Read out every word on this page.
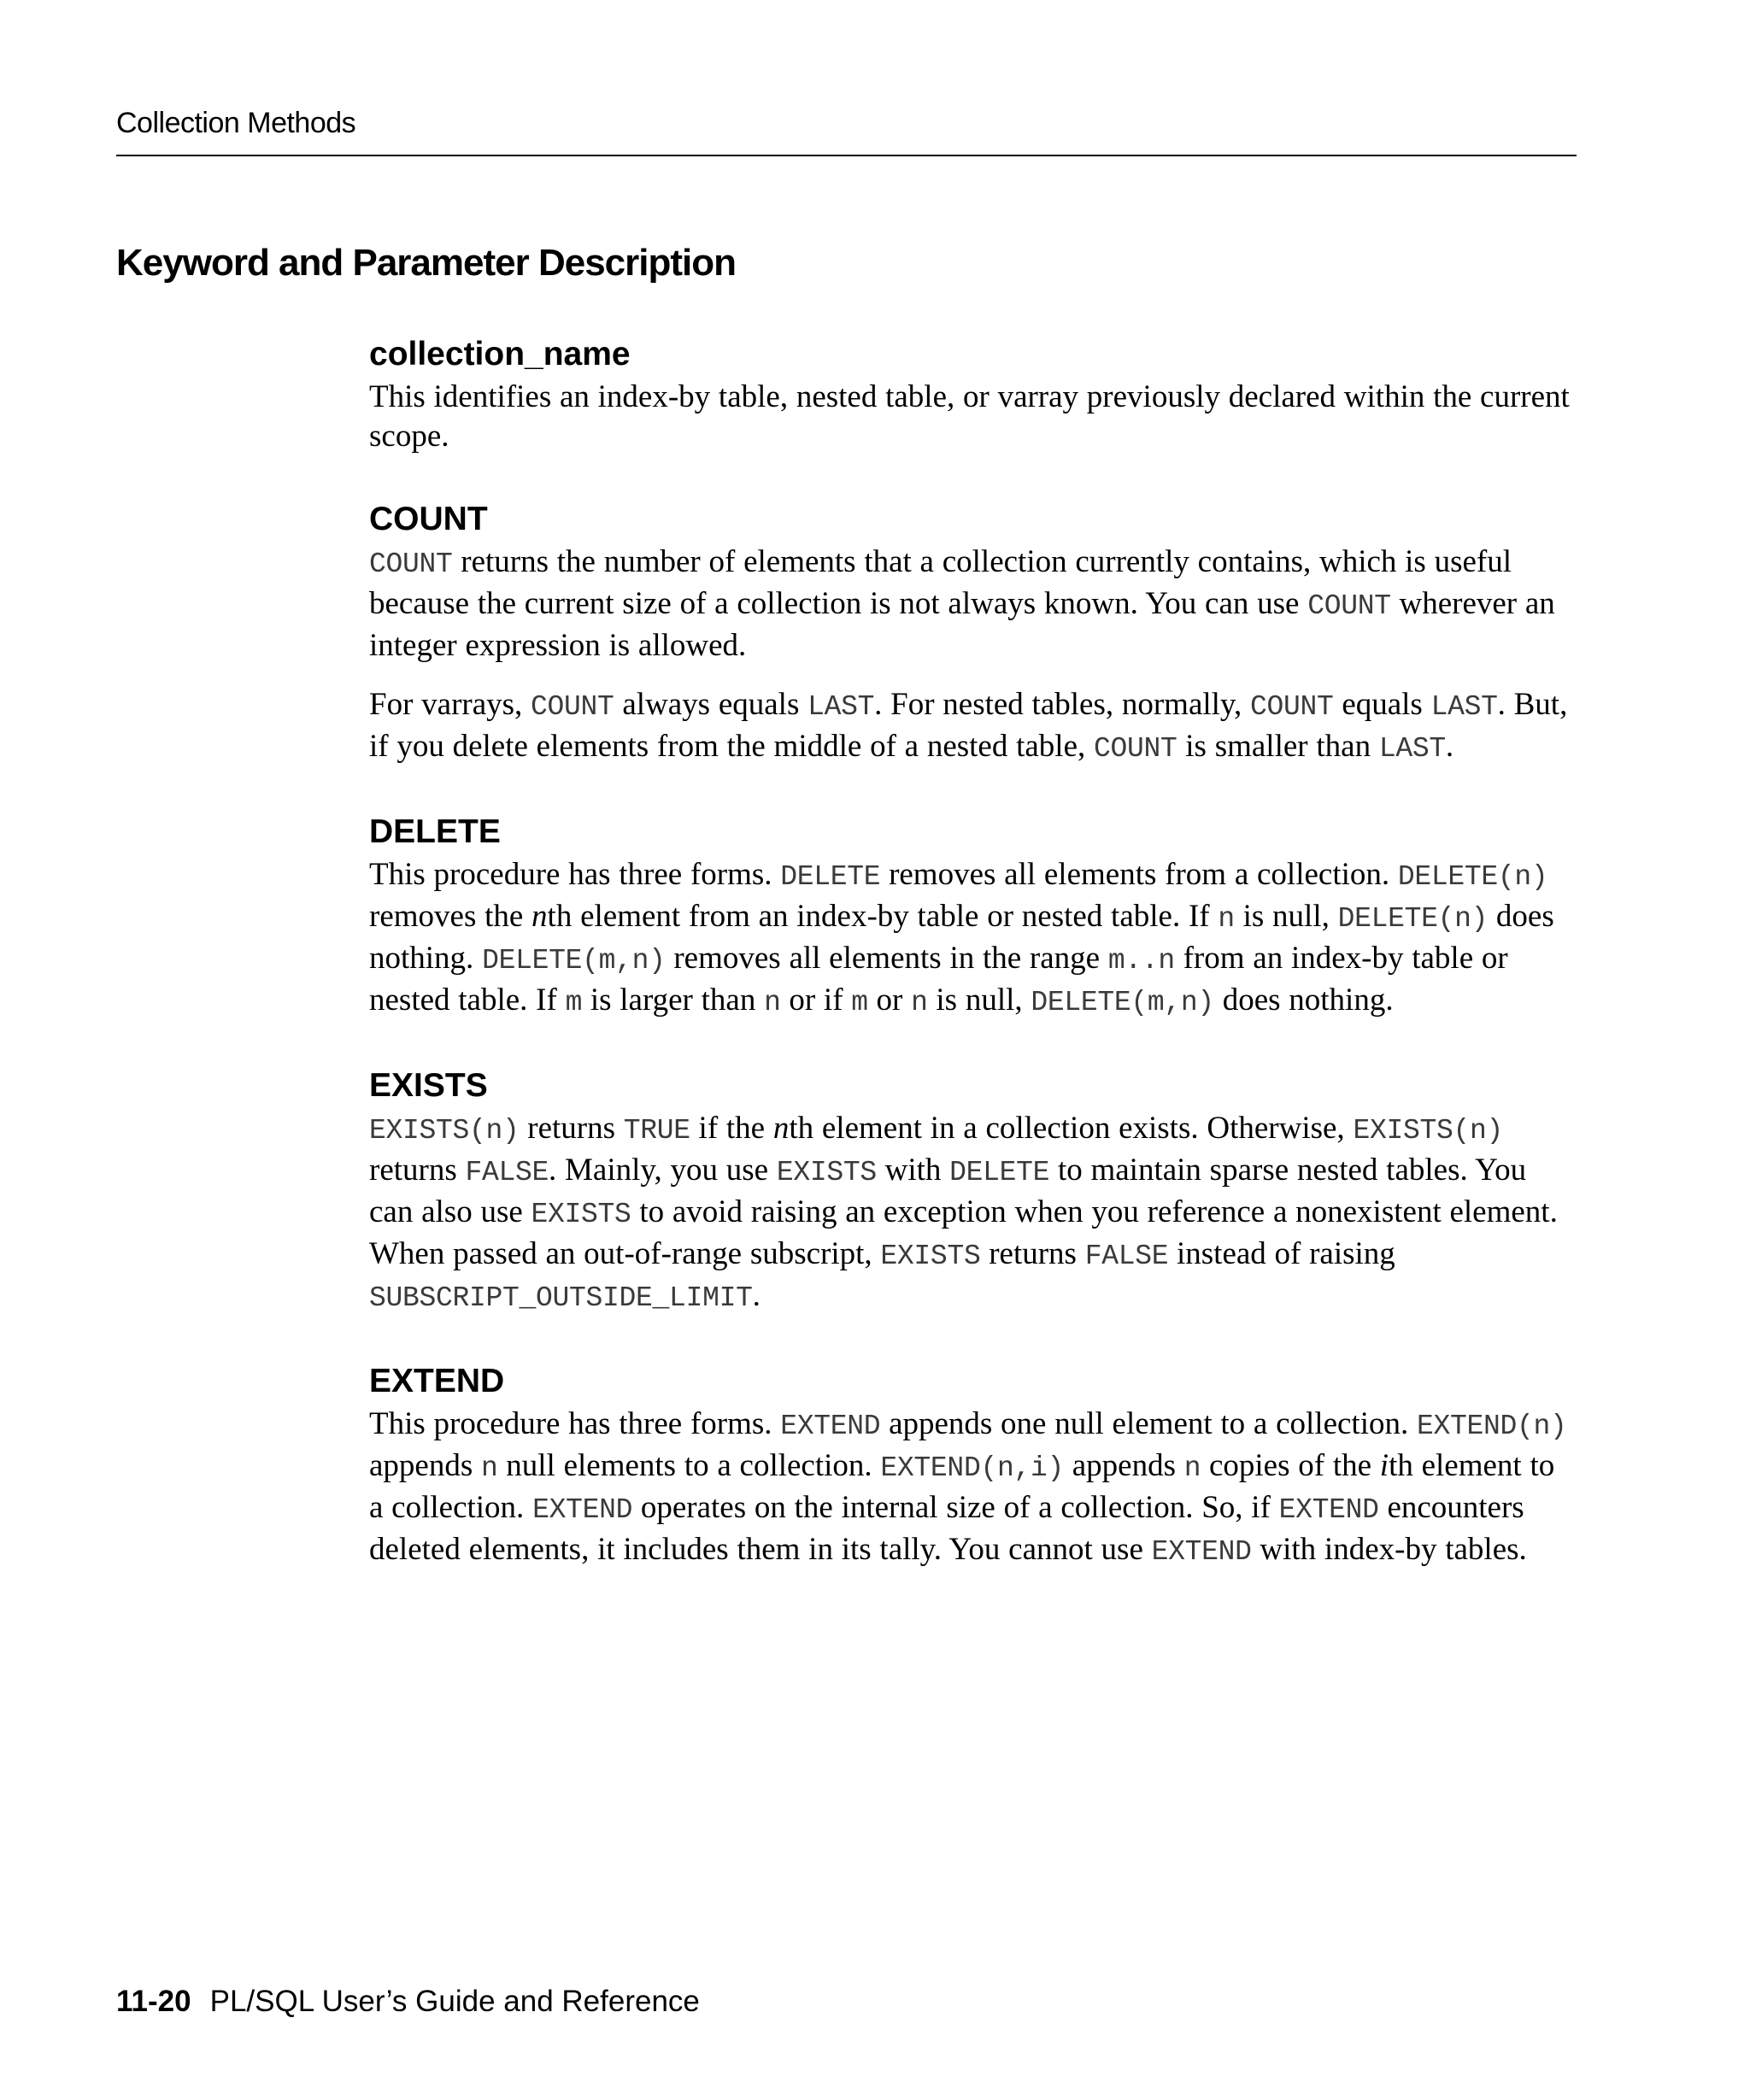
Collection Methods
Keyword and Parameter Description
collection_name

This identifies an index-by table, nested table, or varray previously declared within the current scope.

COUNT

COUNT returns the number of elements that a collection currently contains, which is useful because the current size of a collection is not always known. You can use COUNT wherever an integer expression is allowed.

For varrays, COUNT always equals LAST. For nested tables, normally, COUNT equals LAST. But, if you delete elements from the middle of a nested table, COUNT is smaller than LAST.

DELETE

This procedure has three forms. DELETE removes all elements from a collection. DELETE(n) removes the nth element from an index-by table or nested table. If n is null, DELETE(n) does nothing. DELETE(m,n) removes all elements in the range m..n from an index-by table or nested table. If m is larger than n or if m or n is null, DELETE(m,n) does nothing.

EXISTS

EXISTS(n) returns TRUE if the nth element in a collection exists. Otherwise, EXISTS(n) returns FALSE. Mainly, you use EXISTS with DELETE to maintain sparse nested tables. You can also use EXISTS to avoid raising an exception when you reference a nonexistent element. When passed an out-of-range subscript, EXISTS returns FALSE instead of raising SUBSCRIPT_OUTSIDE_LIMIT.

EXTEND

This procedure has three forms. EXTEND appends one null element to a collection. EXTEND(n) appends n null elements to a collection. EXTEND(n,i) appends n copies of the ith element to a collection. EXTEND operates on the internal size of a collection. So, if EXTEND encounters deleted elements, it includes them in its tally. You cannot use EXTEND with index-by tables.

11-20 PL/SQL User’s Guide and Reference
